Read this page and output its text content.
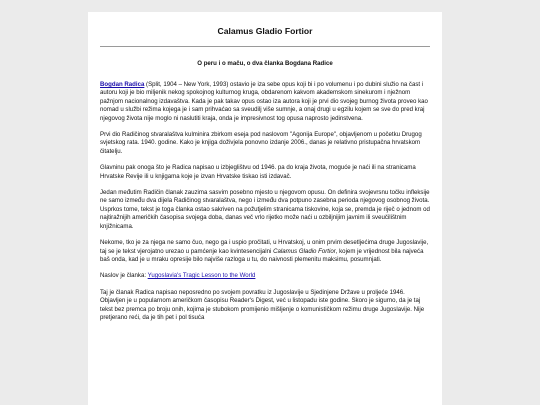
Calamus Gladio Fortior
O peru i o maču, o dva članka Bogdana Radice

Bogdan Radica (Split, 1904 – New York, 1993) ostavio je iza sebe opus koji bi i po volumenu i po dubini služio na čast i autoru koji je bio miljenik nekog spokojnog kulturnog kruga, obdarenom kakvom akademskom sinekurom i nježnom pažnjom nacionalnog izdavaštva. Kada je pak takav opus ostao iza autora koji je prvi dio svojeg burnog života proveo kao nomad u službi režima kojega je i sam prihvaćao sa sveudilj više sumnje, a onaj drugi u egzilu kojem se sve do pred kraj njegovog života nije moglo ni naslutiti kraja, onda je impresivnost tog opusa naprosto jedinstvena.

Prvi dio Radičinog stvaralaštva kulminira zbirkom eseja pod naslovom "Agonija Europe", objavljenom u početku Drugog svjetskog rata. 1940. godine. Kako je knjiga doživjela ponovno izdanje 2006., danas je relativno pristupačna hrvatskom čitatelju.

Glavninu pak onoga što je Radica napisao u izbjeglištvu od 1946. pa do kraja života, moguće je naći ili na stranicama Hrvatske Revije ili u knjigama koje je izvan Hrvatske tiskao isti izdavač.

Jedan međutim Radičin članak zauzima sasvim posebno mjesto u njegovom opusu. On definira svojevrsnu točku infleksije ne samo između dva dijela Radičinog stvaralaštva, nego i između dva potpuno zasebna perioda njegovog osobnog života. Usprkos tome, tekst je toga članka ostao sakriven na požutjelim stranicama tiskovine, koja se, premda je riječ o jednom od najtiražnijih američkih časopisa svojega doba, danas več vrlo rijetko može naći u ozbiljnijim javnim ili sveučilištnim knjižnicama.

Nekome, tko je za njega ne samo čuo, nego ga i uspio pročitati, u Hrvatskoj, u onim prvim desetljećima druge Jugoslavije, taj se je tekst vjerojatno urezao u pamćenje kao kvintesencijalni Calamus Gladio Fortior, kojem je vrijednost bila najveća baš onda, kad je u mraku opresije bilo najviše razloga u tu, do naivnosti plemenitu maksimu, posumnjati.

Naslov je članka: Yugoslavia's Tragic Lesson to the World

Taj je članak Radica napisao neposredno po svojem povratku iz Jugoslavije u Sjedinjene Države u proljeće 1946. Objavljen je u popularnom američkom časopisu Reader's Digest, već u listopadu iste godine. Skoro je sigurno, da je taj tekst bez premca po broju onih, kojima je stubokom promijenio mišljenje o komunističkom režimu druge Jugoslavije. Nije pretjerano reći, da je tih pet i pol tisuća
